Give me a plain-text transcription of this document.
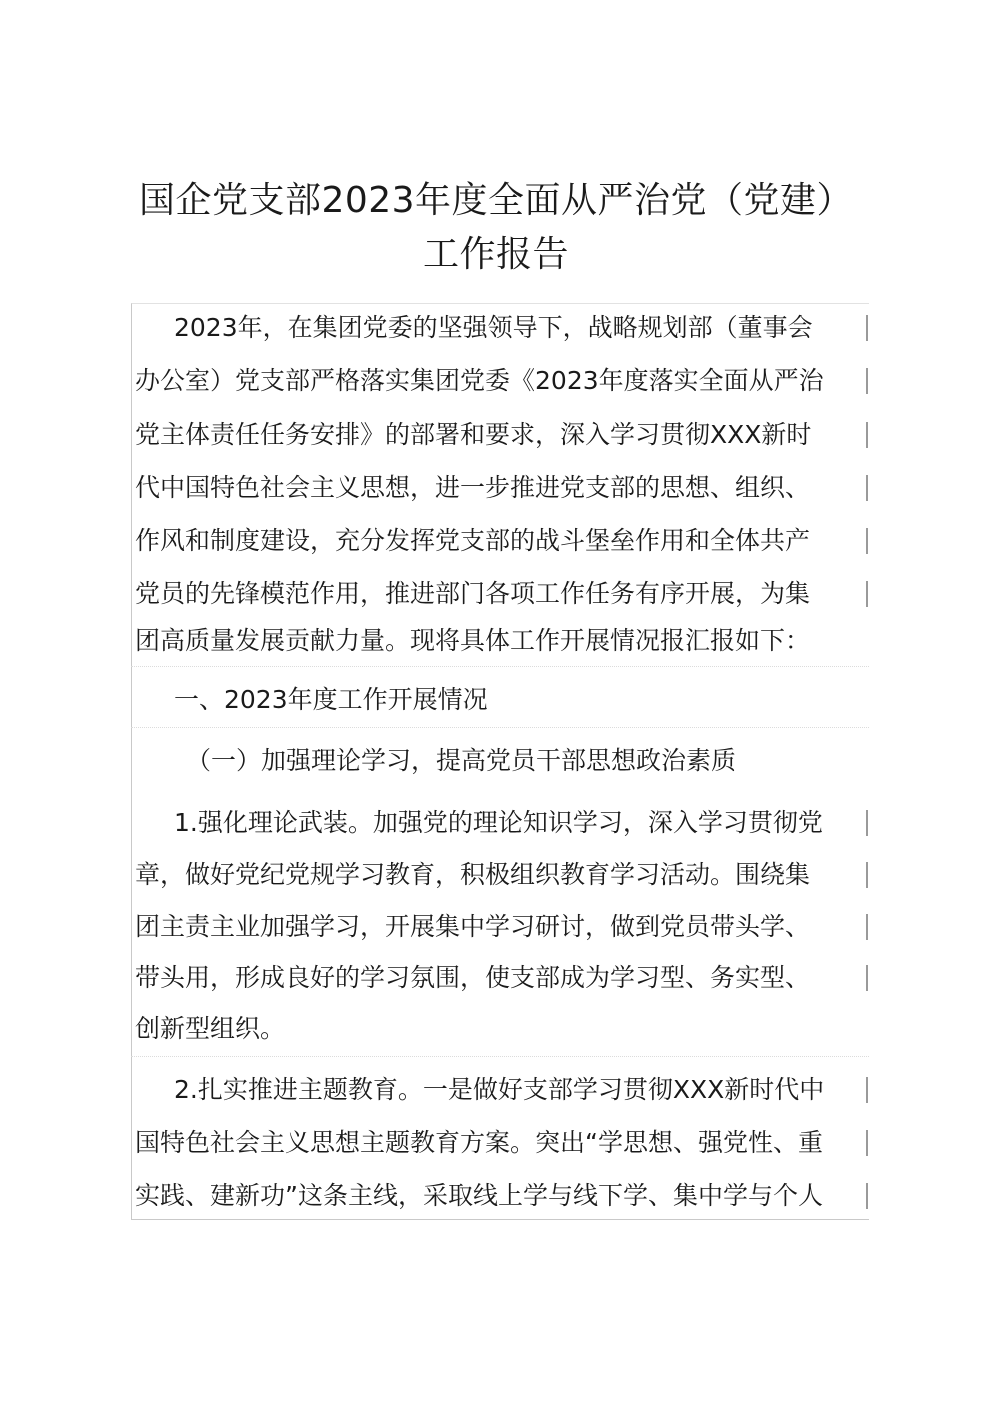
国企党支部2023年度全面从严治党（党建）
工作报告
2023年，在集团党委的坚强领导下，战略规划部（董事会
办公室）党支部严格落实集团党委《2023年度落实全面从严治
党主体责任任务安排》的部署和要求，深入学习贯彻XXX新时
代中国特色社会主义思想，进一步推进党支部的思想、组织、
作风和制度建设，充分发挥党支部的战斗堡垒作用和全体共产
党员的先锋模范作用，推进部门各项工作任务有序开展，为集
团高质量发展贡献力量。现将具体工作开展情况报汇报如下：
一、2023年度工作开展情况
（一）加强理论学习，提高党员干部思想政治素质
1.强化理论武装。加强党的理论知识学习，深入学习贯彻党
章，做好党纪党规学习教育，积极组织教育学习活动。围绕集
团主责主业加强学习，开展集中学习研讨，做到党员带头学、
带头用，形成良好的学习氛围，使支部成为学习型、务实型、
创新型组织。
2.扎实推进主题教育。一是做好支部学习贯彻XXX新时代中
国特色社会主义思想主题教育方案。突出“学思想、强党性、重
实践、建新功”这条主线，采取线上学与线下学、集中学与个人
